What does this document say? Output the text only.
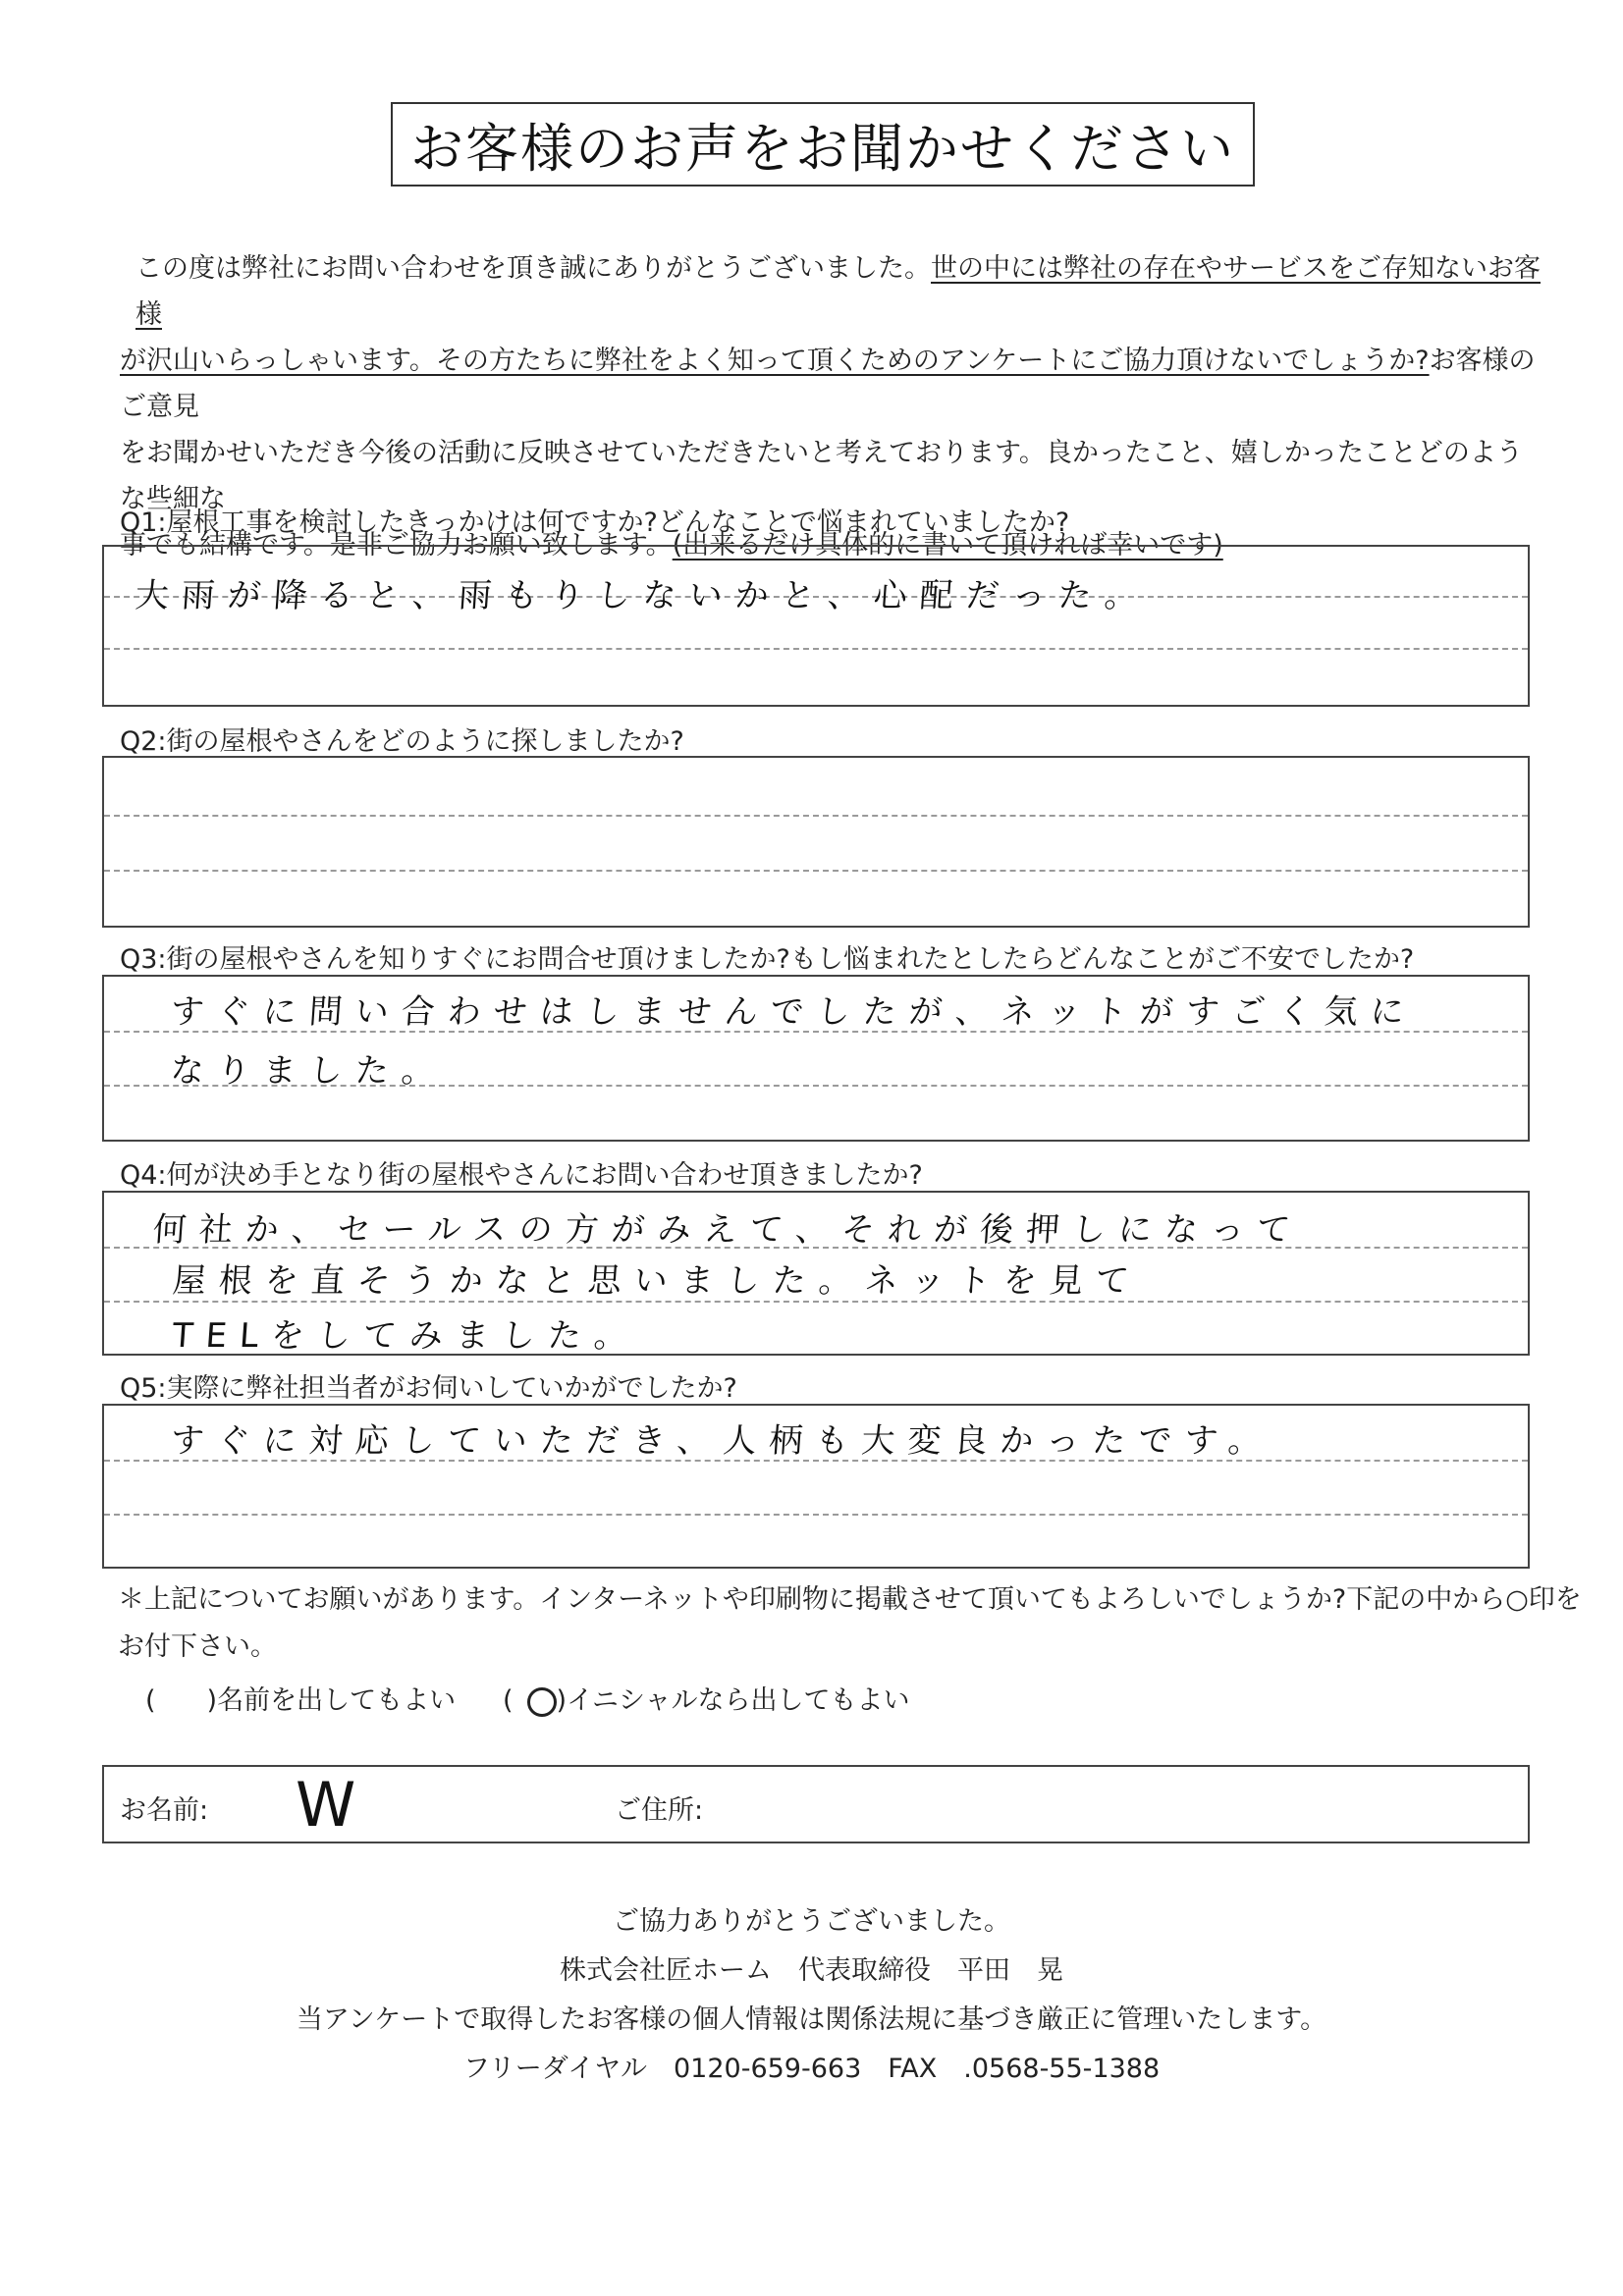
お客様のお声をお聞かせください
この度は弊社にお問い合わせを頂き誠にありがとうございました。世の中には弊社の存在やサービスをご存知ないお客様
が沢山いらっしゃいます。その方たちに弊社をよく知って頂くためのアンケートにご協力頂けないでしょうか?お客様のご意見
をお聞かせいただき今後の活動に反映させていただきたいと考えております。良かったこと、嬉しかったことどのような些細な
事でも結構です。是非ご協力お願い致します。(出来るだけ具体的に書いて頂ければ幸いです)
Q1:屋根工事を検討したきっかけは何ですか?どんなことで悩まれていましたか?
大雨が降ると、雨もりしないかと、心配だった。
Q2:街の屋根やさんをどのように探しましたか?
Q3:街の屋根やさんを知りすぐにお問合せ頂けましたか?もし悩まれたとしたらどんなことがご不安でしたか?
すぐに問い合わせはしませんでしたが、ネットがすごく気に
なりました。
Q4:何が決め手となり街の屋根やさんにお問い合わせ頂きましたか?
何社か、セールスの方がみえて、それが後押しになって
屋根を直そうかなと思いました。ネットを見て
TELをしてみました。
Q5:実際に弊社担当者がお伺いしていかがでしたか?
すぐに対応していただき、人柄も大変良かったです。
＊上記についてお願いがあります。インターネットや印刷物に掲載させて頂いてもよろしいでしょうか?下記の中から○印を
お付下さい。
( )名前を出してもよい ( )イニシャルなら出してもよい
お名前: W	ご住所:
ご協力ありがとうございました。
株式会社匠ホーム　代表取締役　平田　晃
当アンケートで取得したお客様の個人情報は関係法規に基づき厳正に管理いたします。
フリーダイヤル　0120-659-663　FAX　.0568-55-1388
